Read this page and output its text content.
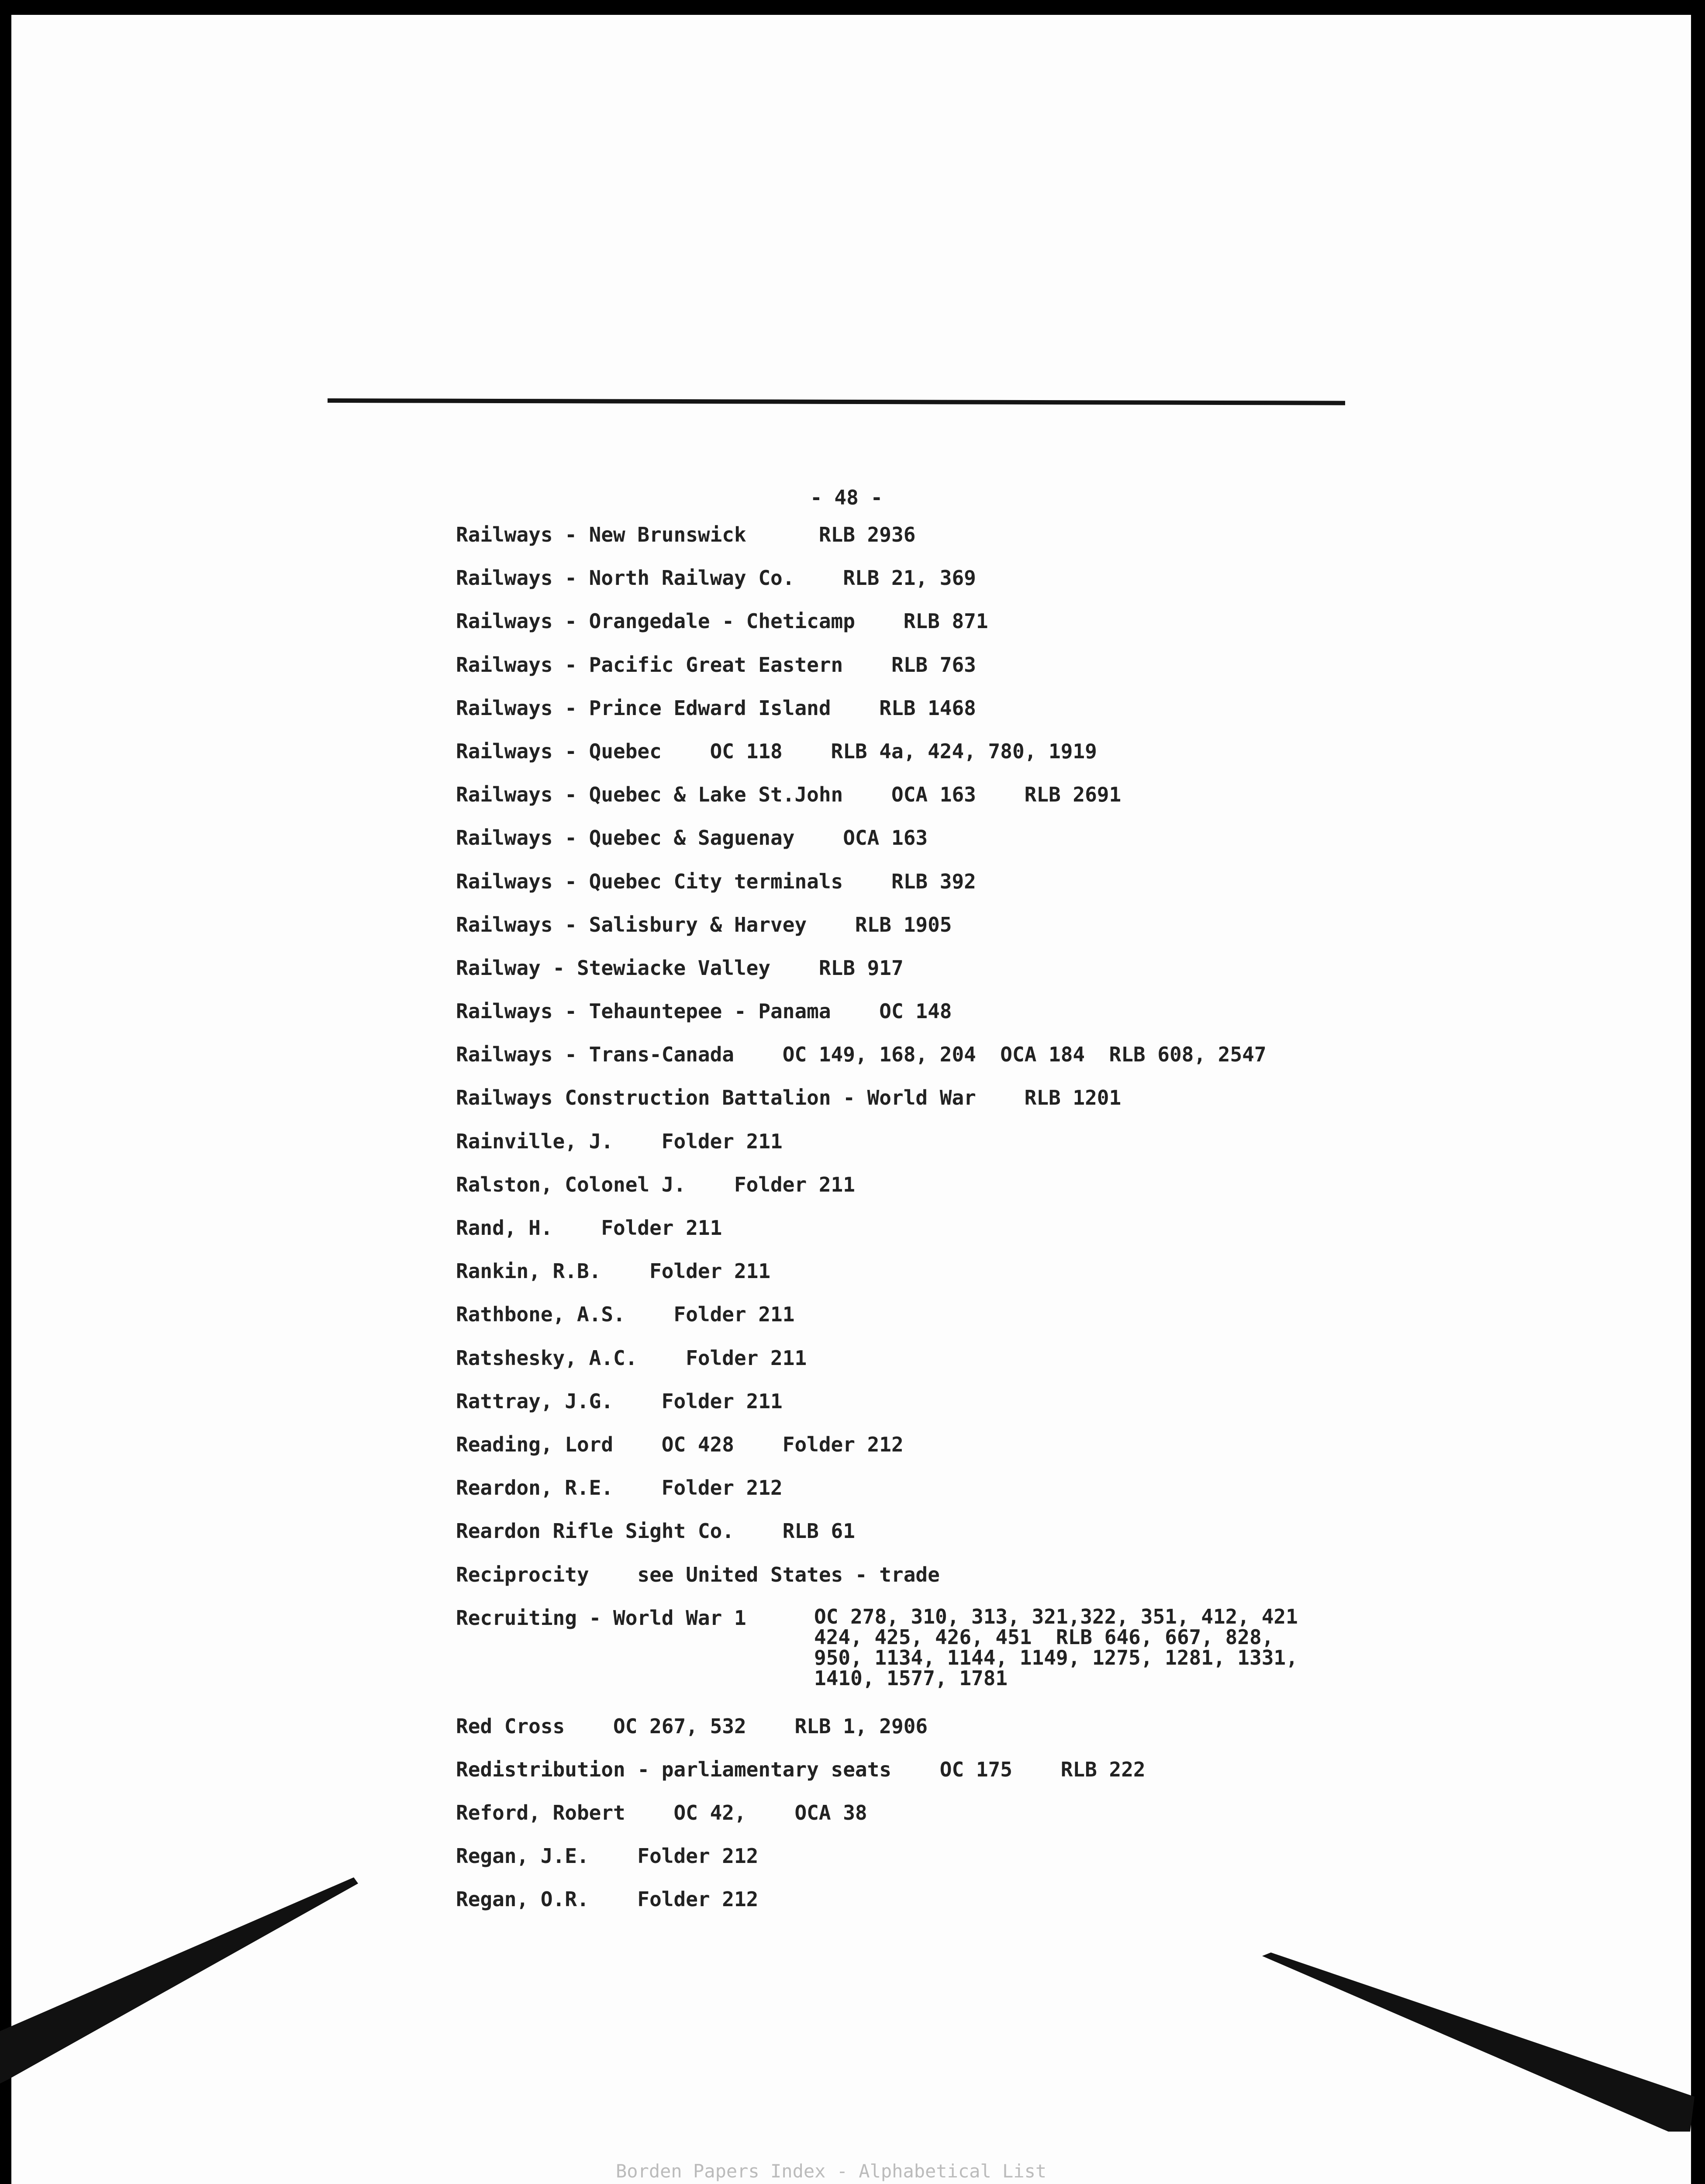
- 48 -
Railways - New Brunswick      RLB 2936
Railways - North Railway Co.    RLB 21, 369
Railways - Orangedale - Cheticamp    RLB 871
Railways - Pacific Great Eastern    RLB 763
Railways - Prince Edward Island    RLB 1468
Railways - Quebec    OC 118    RLB 4a, 424, 780, 1919
Railways - Quebec & Lake St.John    OCA 163    RLB 2691
Railways - Quebec & Saguenay    OCA 163
Railways - Quebec City terminals    RLB 392
Railways - Salisbury & Harvey    RLB 1905
Railway - Stewiacke Valley    RLB 917
Railways - Tehauntepee - Panama    OC 148
Railways - Trans-Canada    OC 149, 168, 204  OCA 184  RLB 608, 2547
Railways Construction Battalion - World War    RLB 1201
Rainville, J.    Folder 211
Ralston, Colonel J.    Folder 211
Rand, H.    Folder 211
Rankin, R.B.    Folder 211
Rathbone, A.S.    Folder 211
Ratshesky, A.C.    Folder 211
Rattray, J.G.    Folder 211
Reading, Lord    OC 428    Folder 212
Reardon, R.E.    Folder 212
Reardon Rifle Sight Co.    RLB 61
Reciprocity    see United States - trade
Recruiting - World War 1	OC 278, 310, 313, 321,322, 351, 412, 421
424, 425, 426, 451  RLB 646, 667, 828,
950, 1134, 1144, 1149, 1275, 1281, 1331,
1410, 1577, 1781
Red Cross    OC 267, 532    RLB 1, 2906
Redistribution - parliamentary seats    OC 175    RLB 222
Reford, Robert    OC 42,    OCA 38
Regan, J.E.    Folder 212
Regan, O.R.    Folder 212
Borden Papers Index - Alphabetical List
